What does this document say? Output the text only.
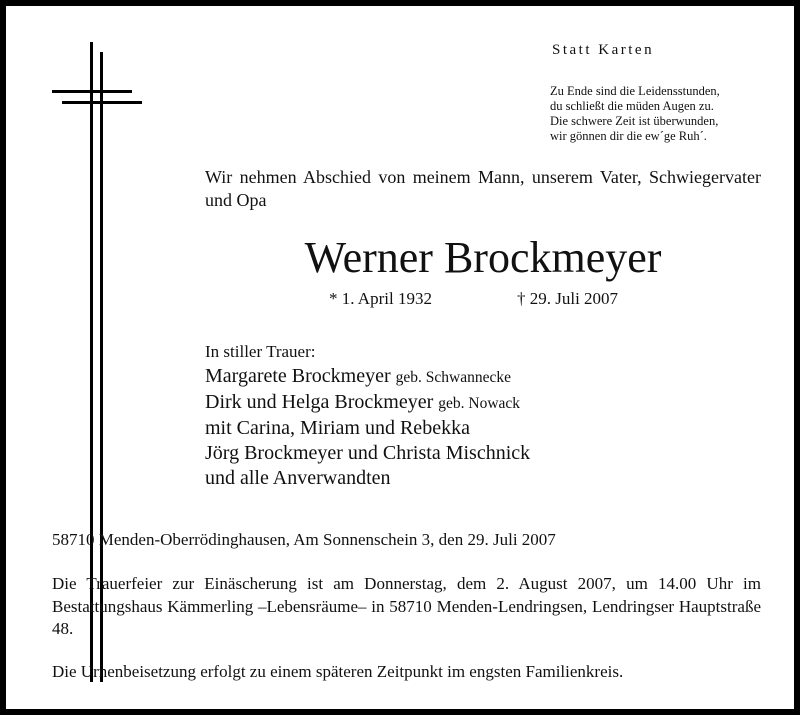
Statt Karten
Zu Ende sind die Leidensstunden,
du schließt die müden Augen zu.
Die schwere Zeit ist überwunden,
wir gönnen dir die ew´ge Ruh´.

Wir nehmen Abschied von meinem Mann, unserem Vater, Schwiegervater und Opa

Werner Brockmeyer
* 1. April 1932	† 29. Juli 2007
In stiller Trauer:
Margarete Brockmeyer geb. Schwannecke
Dirk und Helga Brockmeyer geb. Nowack
mit Carina, Miriam und Rebekka
Jörg Brockmeyer und Christa Mischnick
und alle Anverwandten
58710 Menden-Oberrödinghausen, Am Sonnenschein 3, den 29. Juli 2007

Die Trauerfeier zur Einäscherung ist am Donnerstag, dem 2. August 2007, um 14.00 Uhr im Bestattungshaus Kämmerling –Lebensräume– in 58710 Menden-Lendringsen, Lendringser Hauptstraße 48.

Die Urnenbeisetzung erfolgt zu einem späteren Zeitpunkt im engsten Familienkreis.
